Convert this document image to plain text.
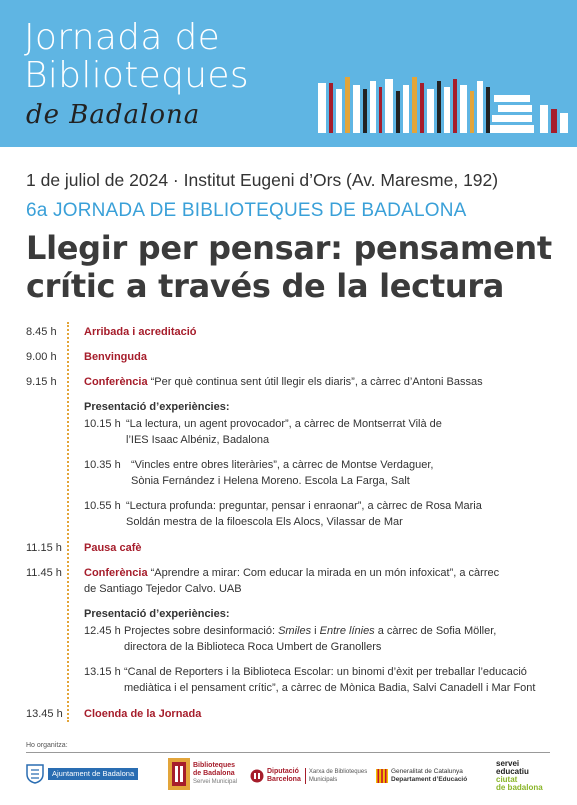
Jornada de
Biblioteques
de Badalona
1 de juliol de 2024 · Institut Eugeni d’Ors (Av. Maresme, 192)
6a JORNADA DE BIBLIOTEQUES DE BADALONA
Llegir per pensar: pensament
crític a través de la lectura
8.45 h Arribada i acreditació
9.00 h Benvinguda
9.15 h Conferència “Per què continua sent útil llegir els diaris”, a càrrec d’Antoni Bassas
Presentació d’experiències:
10.15 h “La lectura, un agent provocador”, a càrrec de Montserrat Vilà de
l’IES Isaac Albéniz, Badalona
10.35 h “Vincles entre obres literàries”, a càrrec de Montse Verdaguer,
Sònia Fernández i Helena Moreno. Escola La Farga, Salt
10.55 h “Lectura profunda: preguntar, pensar i enraonar”, a càrrec de Rosa Maria
Soldán mestra de la filoescola Els Alocs, Vilassar de Mar
11.15 h Pausa cafè
11.45 h Conferència “Aprendre a mirar: Com educar la mirada en un món infoxicat”, a càrrec
de Santiago Tejedor Calvo. UAB
Presentació d’experiències:
12.45 h Projectes sobre desinformació: Smiles i Entre línies a càrrec de Sofia Möller,
directora de la Biblioteca Roca Umbert de Granollers
13.15 h “Canal de Reporters i la Biblioteca Escolar: un binomi d’èxit per treballar l’educació
mediàtica i el pensament crític”, a càrrec de Mònica Badia, Salvi Canadell i Mar Font
13.45 h Cloenda de la Jornada
Ho organitza:
Ajuntament de Badalona
Biblioteques
de Badalona
Servei Municipal
Diputació
Barcelona
Xarxa de Biblioteques
Municipals
Generalitat de Catalunya
Departament d’Educació
servei
educatiu
ciutat
de badalona
